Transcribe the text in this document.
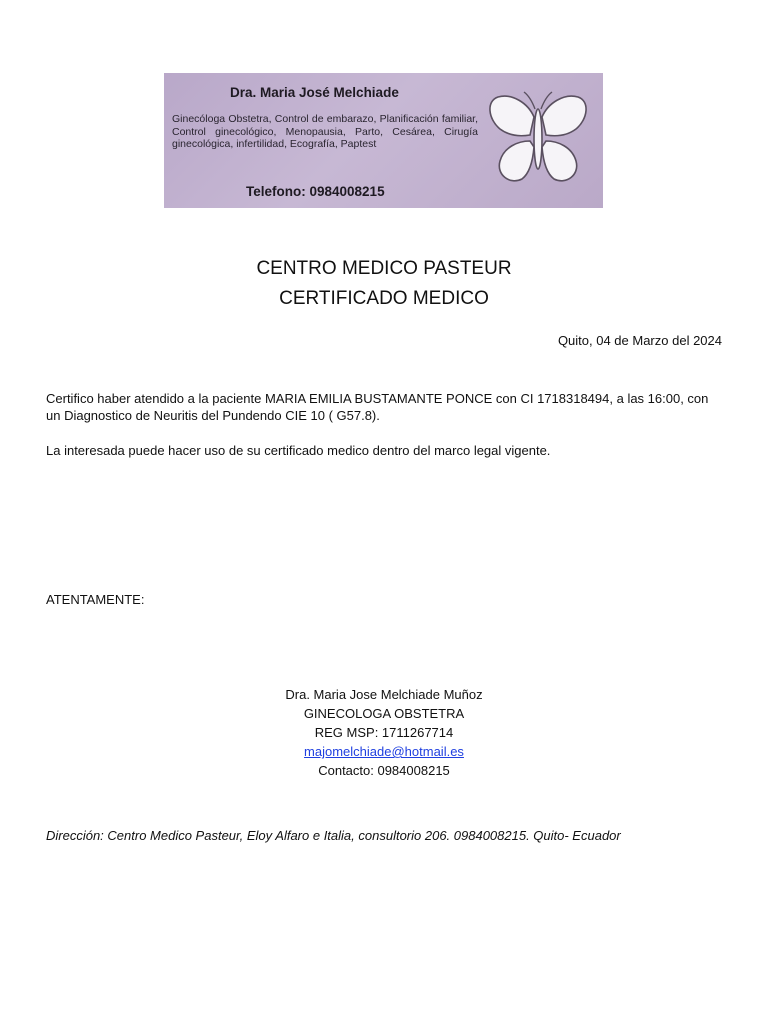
Dra. Maria José Melchiade
Ginecóloga Obstetra, Control de embarazo, Planificación familiar, Control ginecológico, Menopausia, Parto, Cesárea, Cirugía ginecológica, infertilidad, Ecografía, Paptest
Telefono: 0984008215
CENTRO MEDICO PASTEUR
CERTIFICADO MEDICO
Quito, 04 de Marzo del 2024
Certifico haber atendido a la paciente MARIA EMILIA BUSTAMANTE PONCE con CI 1718318494, a las 16:00, con un Diagnostico de Neuritis del Pundendo CIE 10 ( G57.8).
La interesada puede hacer uso de su certificado medico dentro del marco legal vigente.
ATENTAMENTE:
Dra. Maria Jose Melchiade Muñoz
GINECOLOGA OBSTETRA
REG MSP: 1711267714
majomelchiade@hotmail.es
Contacto: 0984008215
Dirección: Centro Medico Pasteur, Eloy Alfaro e Italia, consultorio 206. 0984008215. Quito- Ecuador
